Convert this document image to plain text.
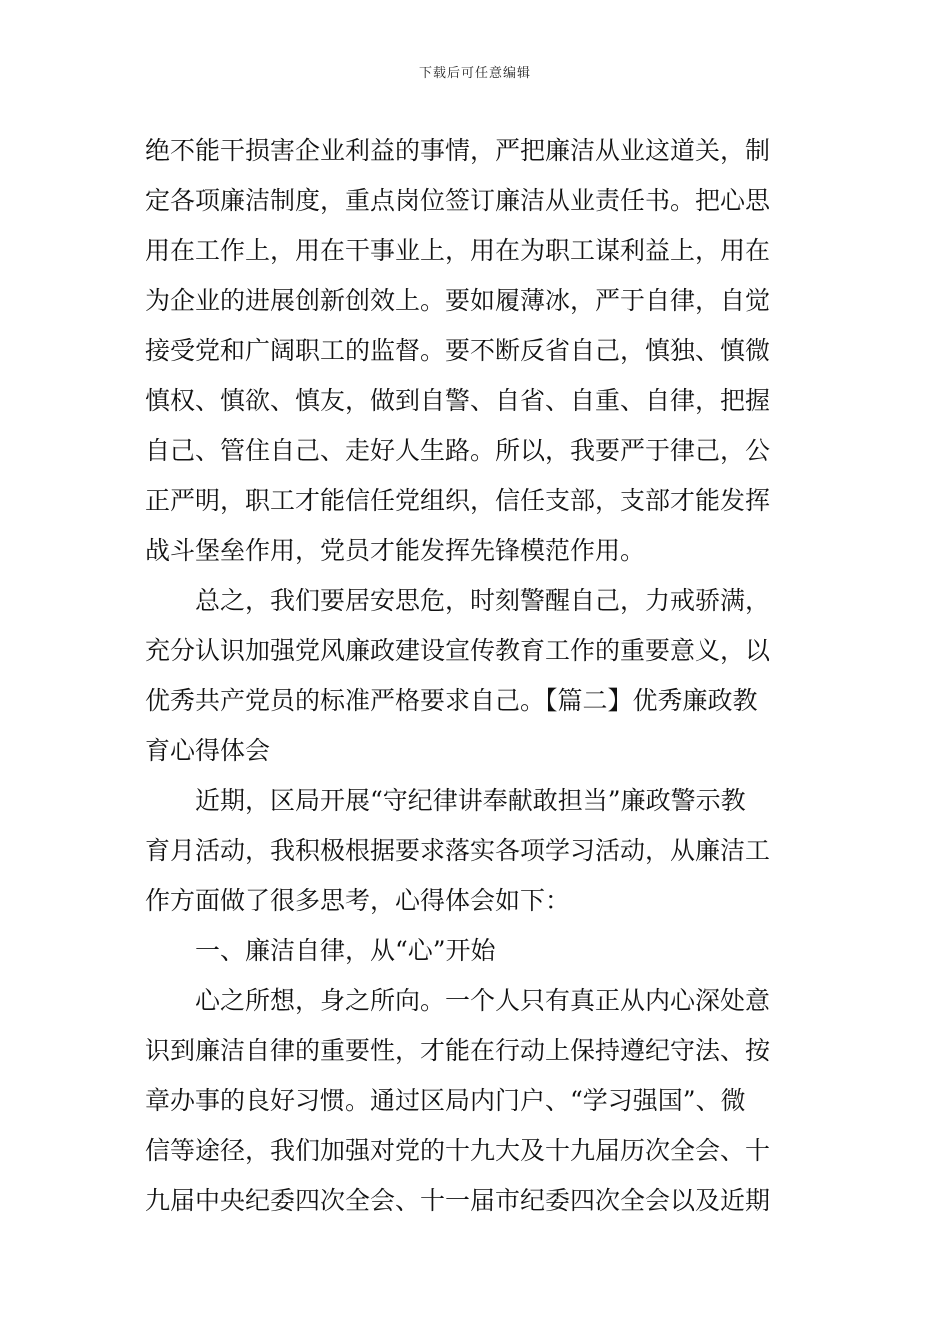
下载后可任意编辑
绝不能干损害企业利益的事情，严把廉洁从业这道关，制
定各项廉洁制度，重点岗位签订廉洁从业责任书。把心思
用在工作上，用在干事业上，用在为职工谋利益上，用在
为企业的进展创新创效上。要如履薄冰，严于自律，自觉
接受党和广阔职工的监督。要不断反省自己，慎独、慎微
慎权、慎欲、慎友，做到自警、自省、自重、自律，把握
自己、管住自己、走好人生路。所以，我要严于律己，公
正严明，职工才能信任党组织，信任支部，支部才能发挥
战斗堡垒作用，党员才能发挥先锋模范作用。
总之，我们要居安思危，时刻警醒自己，力戒骄满，
充分认识加强党风廉政建设宣传教育工作的重要意义，以
优秀共产党员的标准严格要求自己。【篇二】优秀廉政教
育心得体会
近期，区局开展“守纪律讲奉献敢担当”廉政警示教
育月活动，我积极根据要求落实各项学习活动，从廉洁工
作方面做了很多思考，心得体会如下：
一、廉洁自律，从“心”开始
心之所想，身之所向。一个人只有真正从内心深处意
识到廉洁自律的重要性，才能在行动上保持遵纪守法、按
章办事的良好习惯。通过区局内门户、“学习强国”、微
信等途径，我们加强对党的十九大及十九届历次全会、十
九届中央纪委四次全会、十一届市纪委四次全会以及近期
